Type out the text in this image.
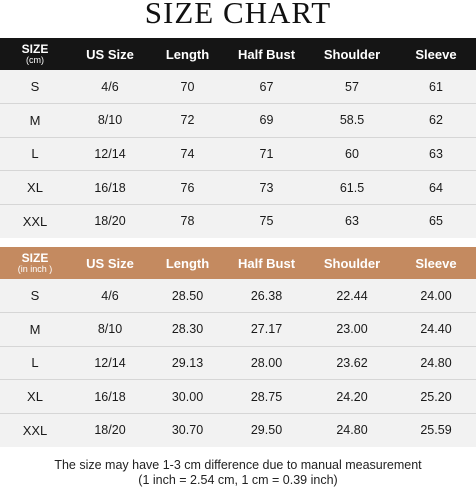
SIZE CHART
SIZE
(cm)	US Size	Length	Half Bust	Shoulder	Sleeve
S	4/6	70	67	57	61
M	8/10	72	69	58.5	62
L	12/14	74	71	60	63
XL	16/18	76	73	61.5	64
XXL	18/20	78	75	63	65
SIZE
(in inch )	US Size	Length	Half Bust	Shoulder	Sleeve
S	4/6	28.50	26.38	22.44	24.00
M	8/10	28.30	27.17	23.00	24.40
L	12/14	29.13	28.00	23.62	24.80
XL	16/18	30.00	28.75	24.20	25.20
XXL	18/20	30.70	29.50	24.80	25.59
The size may have 1-3 cm difference due to manual measurement
(1 inch = 2.54 cm, 1 cm = 0.39 inch)
